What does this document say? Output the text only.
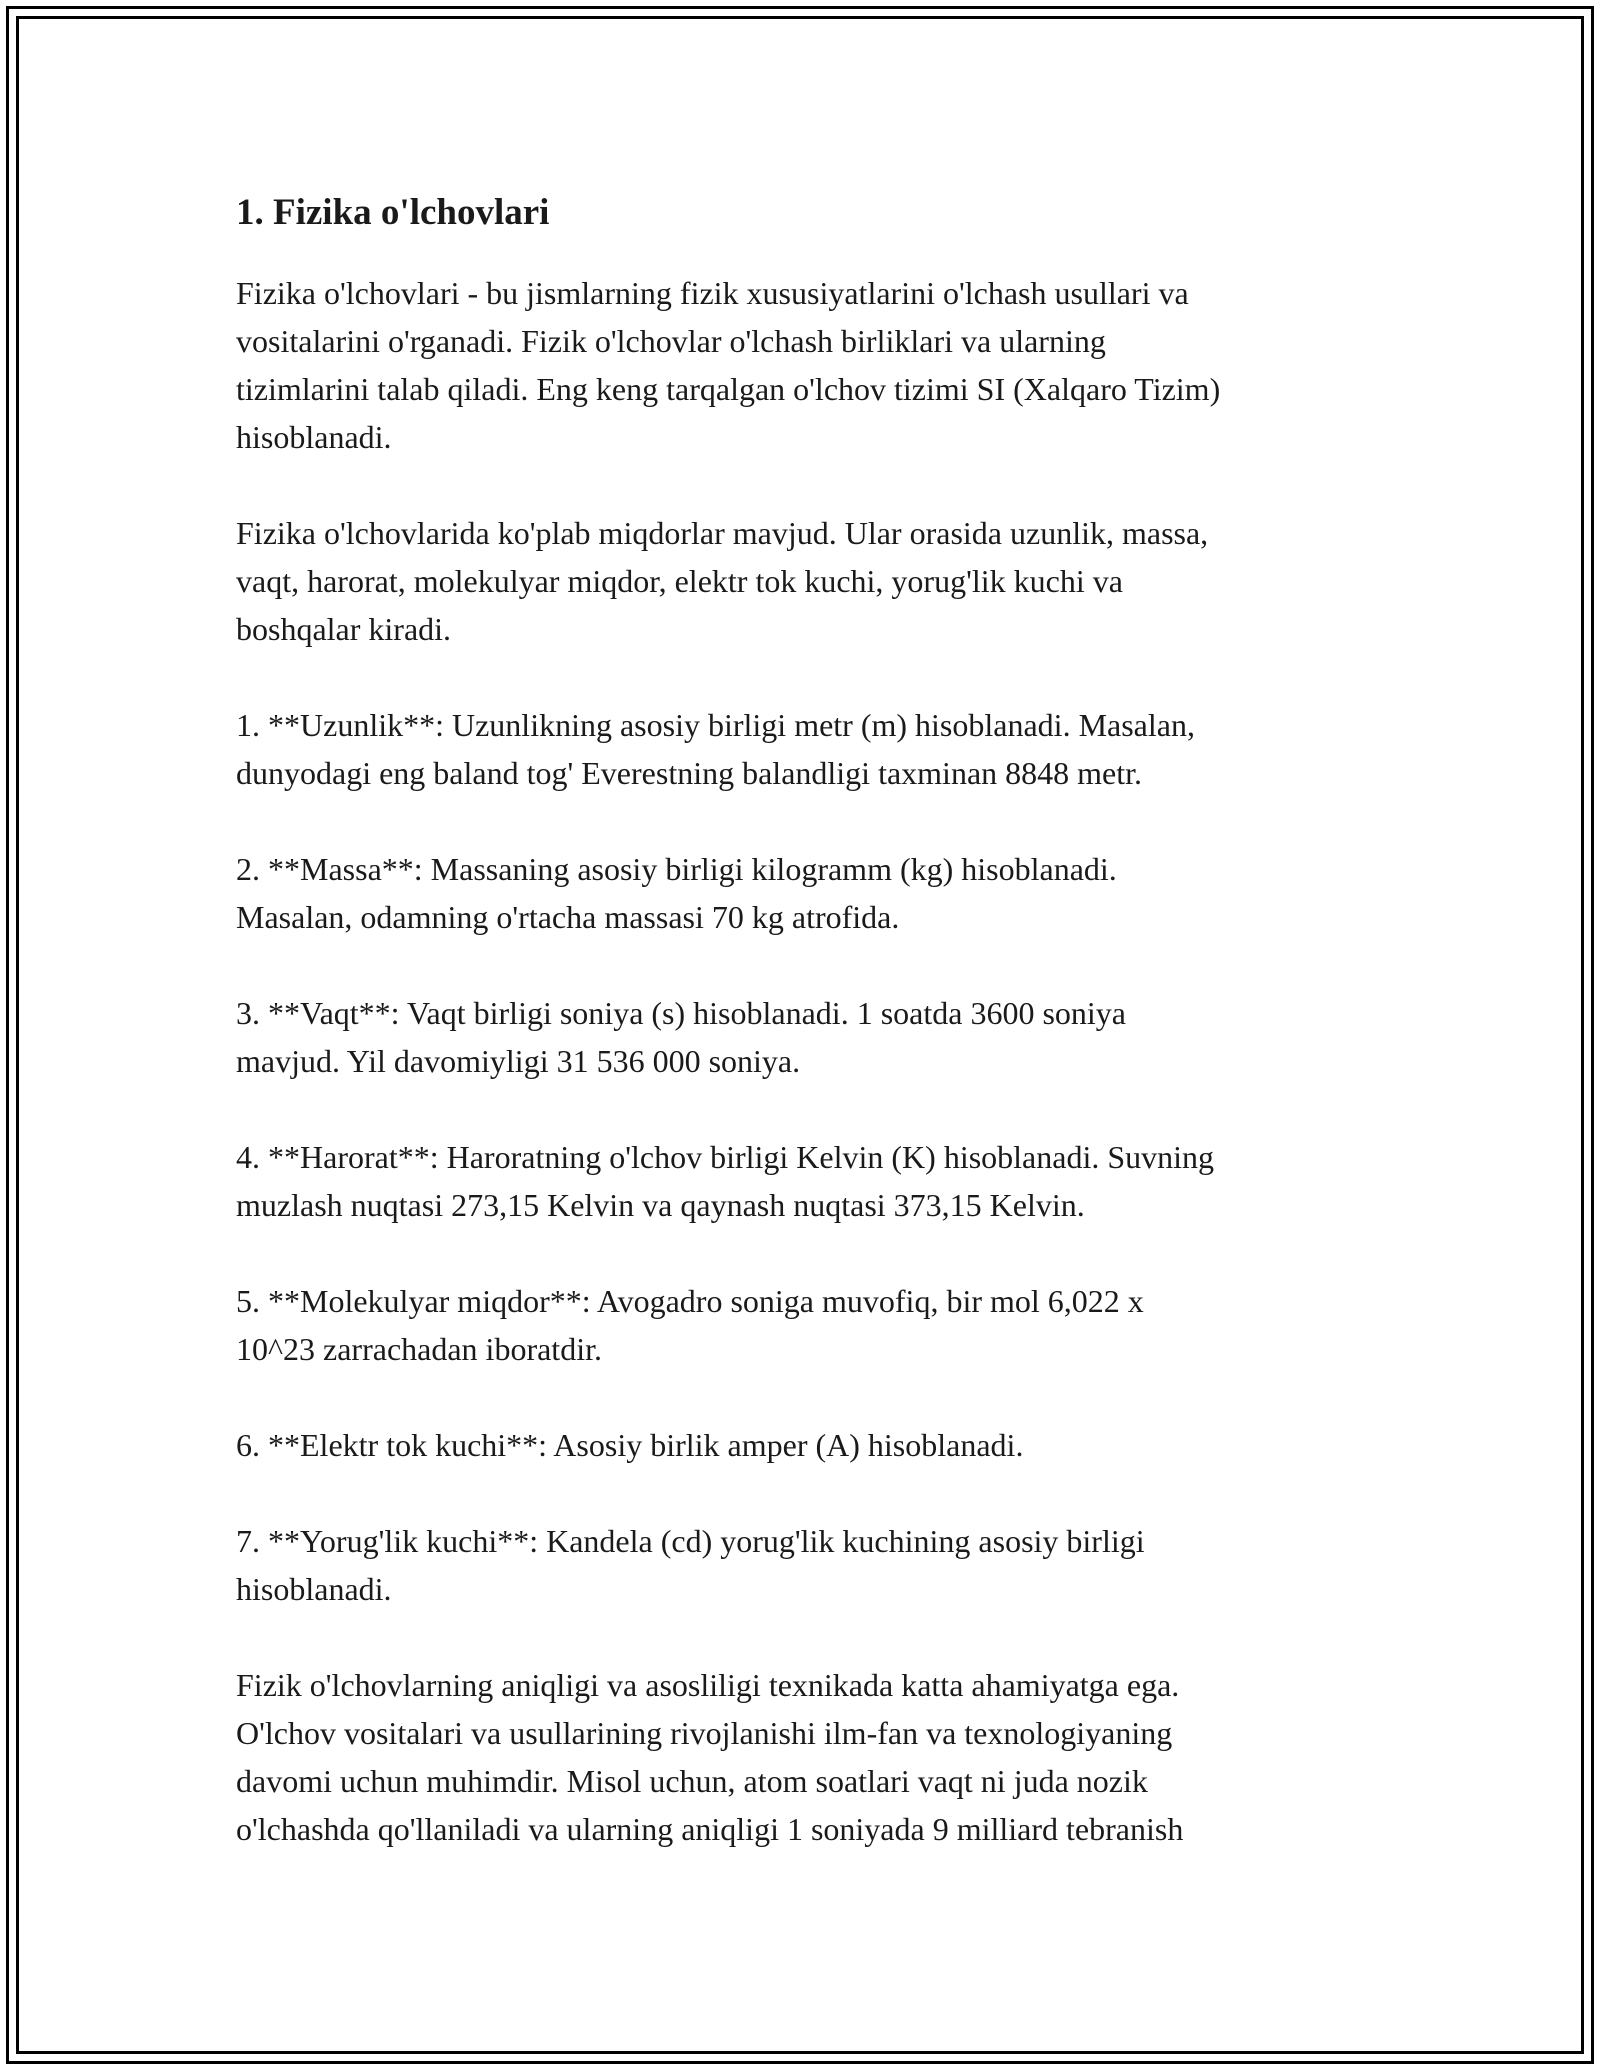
1. Fizika o'lchovlari

Fizika o'lchovlari - bu jismlarning fizik xususiyatlarini o'lchash usullari va
vositalarini o'rganadi. Fizik o'lchovlar o'lchash birliklari va ularning
tizimlarini talab qiladi. Eng keng tarqalgan o'lchov tizimi SI (Xalqaro Tizim)
hisoblanadi.

Fizika o'lchovlarida ko'plab miqdorlar mavjud. Ular orasida uzunlik, massa,
vaqt, harorat, molekulyar miqdor, elektr tok kuchi, yorug'lik kuchi va
boshqalar kiradi.

1. **Uzunlik**: Uzunlikning asosiy birligi metr (m) hisoblanadi. Masalan,
dunyodagi eng baland tog' Everestning balandligi taxminan 8848 metr.

2. **Massa**: Massaning asosiy birligi kilogramm (kg) hisoblanadi.
Masalan, odamning o'rtacha massasi 70 kg atrofida.

3. **Vaqt**: Vaqt birligi soniya (s) hisoblanadi. 1 soatda 3600 soniya
mavjud. Yil davomiyligi 31 536 000 soniya.

4. **Harorat**: Haroratning o'lchov birligi Kelvin (K) hisoblanadi. Suvning
muzlash nuqtasi 273,15 Kelvin va qaynash nuqtasi 373,15 Kelvin.

5. **Molekulyar miqdor**: Avogadro soniga muvofiq, bir mol 6,022 x
10^23 zarrachadan iboratdir.

6. **Elektr tok kuchi**: Asosiy birlik amper (A) hisoblanadi.

7. **Yorug'lik kuchi**: Kandela (cd) yorug'lik kuchining asosiy birligi
hisoblanadi.

Fizik o'lchovlarning aniqligi va asosliligi texnikada katta ahamiyatga ega.
O'lchov vositalari va usullarining rivojlanishi ilm-fan va texnologiyaning
davomi uchun muhimdir. Misol uchun, atom soatlari vaqt ni juda nozik
o'lchashda qo'llaniladi va ularning aniqligi 1 soniyada 9 milliard tebranish
